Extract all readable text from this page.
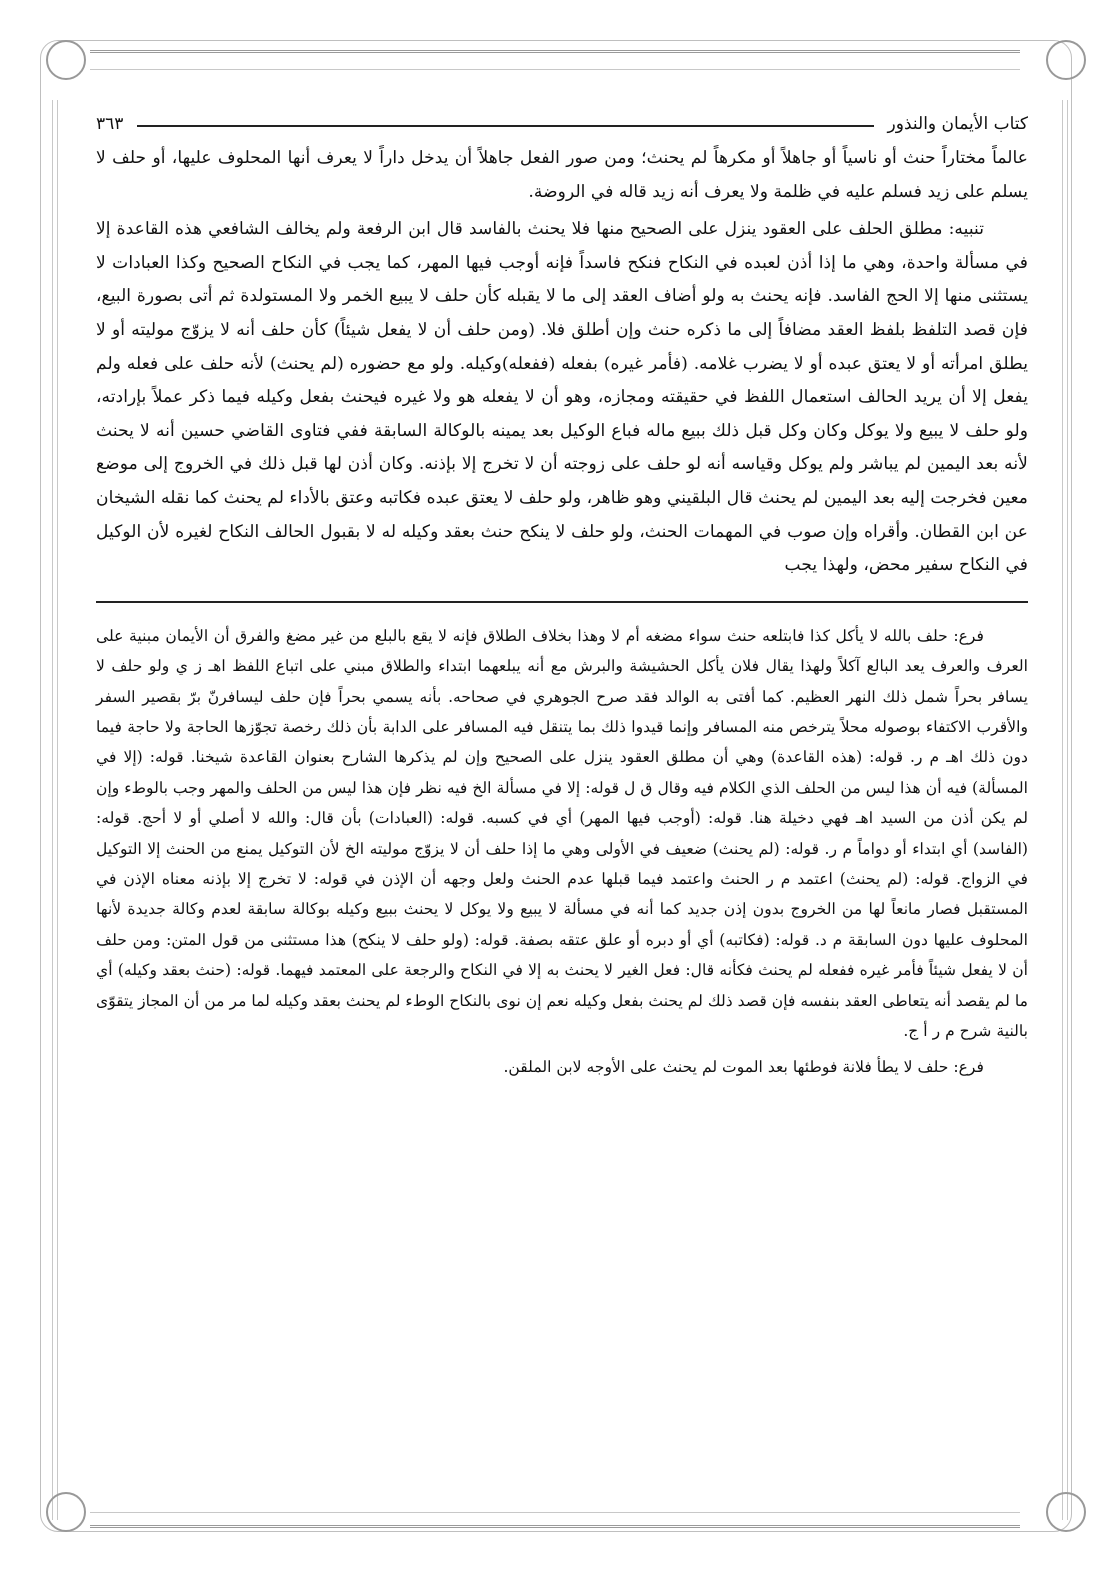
كتاب الأيمان والنذور
٣٦٣

عالماً مختاراً حنث أو ناسياً أو جاهلاً أو مكرهاً لم يحنث؛ ومن صور الفعل جاهلاً أن يدخل داراً لا يعرف أنها المحلوف عليها، أو حلف لا يسلم على زيد فسلم عليه في ظلمة ولا يعرف أنه زيد قاله في الروضة.

تنبيه: مطلق الحلف على العقود ينزل على الصحيح منها فلا يحنث بالفاسد قال ابن الرفعة ولم يخالف الشافعي هذه القاعدة إلا في مسألة واحدة، وهي ما إذا أذن لعبده في النكاح فنكح فاسداً فإنه أوجب فيها المهر، كما يجب في النكاح الصحيح وكذا العبادات لا يستثنى منها إلا الحج الفاسد. فإنه يحنث به ولو أضاف العقد إلى ما لا يقبله كأن حلف لا يبيع الخمر ولا المستولدة ثم أتى بصورة البيع، فإن قصد التلفظ بلفظ العقد مضافاً إلى ما ذكره حنث وإن أطلق فلا. (ومن حلف أن لا يفعل شيئاً) كأن حلف أنه لا يزوّج موليته أو لا يطلق امرأته أو لا يعتق عبده أو لا يضرب غلامه. (فأمر غيره) بفعله (ففعله)وكيله. ولو مع حضوره (لم يحنث) لأنه حلف على فعله ولم يفعل إلا أن يريد الحالف استعمال اللفظ في حقيقته ومجازه، وهو أن لا يفعله هو ولا غيره فيحنث بفعل وكيله فيما ذكر عملاً بإرادته، ولو حلف لا يبيع ولا يوكل وكان وكل قبل ذلك ببيع ماله فباع الوكيل بعد يمينه بالوكالة السابقة ففي فتاوى القاضي حسين أنه لا يحنث لأنه بعد اليمين لم يباشر ولم يوكل وقياسه أنه لو حلف على زوجته أن لا تخرج إلا بإذنه. وكان أذن لها قبل ذلك في الخروج إلى موضع معين فخرجت إليه بعد اليمين لم يحنث قال البلقيني وهو ظاهر، ولو حلف لا يعتق عبده فكاتبه وعتق بالأداء لم يحنث كما نقله الشيخان عن ابن القطان. وأقراه وإن صوب في المهمات الحنث، ولو حلف لا ينكح حنث بعقد وكيله له لا بقبول الحالف النكاح لغيره لأن الوكيل في النكاح سفير محض، ولهذا يجب

فرع: حلف بالله لا يأكل كذا فابتلعه حنث سواء مضغه أم لا وهذا بخلاف الطلاق فإنه لا يقع بالبلع من غير مضغ والفرق أن الأيمان مبنية على العرف والعرف يعد البالع آكلاً ولهذا يقال فلان يأكل الحشيشة والبرش مع أنه يبلعهما ابتداء والطلاق مبني على اتباع اللفظ اهـ ز ي ولو حلف لا يسافر بحراً شمل ذلك النهر العظيم. كما أفتى به الوالد فقد صرح الجوهري في صحاحه. بأنه يسمي بحراً فإن حلف ليسافرنّ برّ بقصير السفر والأقرب الاكتفاء بوصوله محلاً يترخص منه المسافر وإنما قيدوا ذلك بما يتنقل فيه المسافر على الدابة بأن ذلك رخصة تجوّزها الحاجة ولا حاجة فيما دون ذلك اهـ م ر. قوله: (هذه القاعدة) وهي أن مطلق العقود ينزل على الصحيح وإن لم يذكرها الشارح بعنوان القاعدة شيخنا. قوله: (إلا في المسألة) فيه أن هذا ليس من الحلف الذي الكلام فيه وقال ق ل قوله: إلا في مسألة الخ فيه نظر فإن هذا ليس من الحلف والمهر وجب بالوطء وإن لم يكن أذن من السيد اهـ فهي دخيلة هنا. قوله: (أوجب فيها المهر) أي في كسبه. قوله: (العبادات) بأن قال: والله لا أصلي أو لا أحج. قوله: (الفاسد) أي ابتداء أو دواماً م ر. قوله: (لم يحنث) ضعيف في الأولى وهي ما إذا حلف أن لا يزوّج موليته الخ لأن التوكيل يمنع من الحنث إلا التوكيل في الزواج. قوله: (لم يحنث) اعتمد م ر الحنث واعتمد فيما قبلها عدم الحنث ولعل وجهه أن الإذن في قوله: لا تخرج إلا بإذنه معناه الإذن في المستقبل فصار مانعاً لها من الخروج بدون إذن جديد كما أنه في مسألة لا يبيع ولا يوكل لا يحنث ببيع وكيله بوكالة سابقة لعدم وكالة جديدة لأنها المحلوف عليها دون السابقة م د. قوله: (فكاتبه) أي أو دبره أو علق عتقه بصفة. قوله: (ولو حلف لا ينكح) هذا مستثنى من قول المتن: ومن حلف أن لا يفعل شيئاً فأمر غيره ففعله لم يحنث فكأنه قال: فعل الغير لا يحنث به إلا في النكاح والرجعة على المعتمد فيهما. قوله: (حنث بعقد وكيله) أي ما لم يقصد أنه يتعاطى العقد بنفسه فإن قصد ذلك لم يحنث بفعل وكيله نعم إن نوى بالنكاح الوطء لم يحنث بعقد وكيله لما مر من أن المجاز يتقوّى بالنية شرح م ر أ ج.

فرع: حلف لا يطأ فلانة فوطئها بعد الموت لم يحنث على الأوجه لابن الملقن.
